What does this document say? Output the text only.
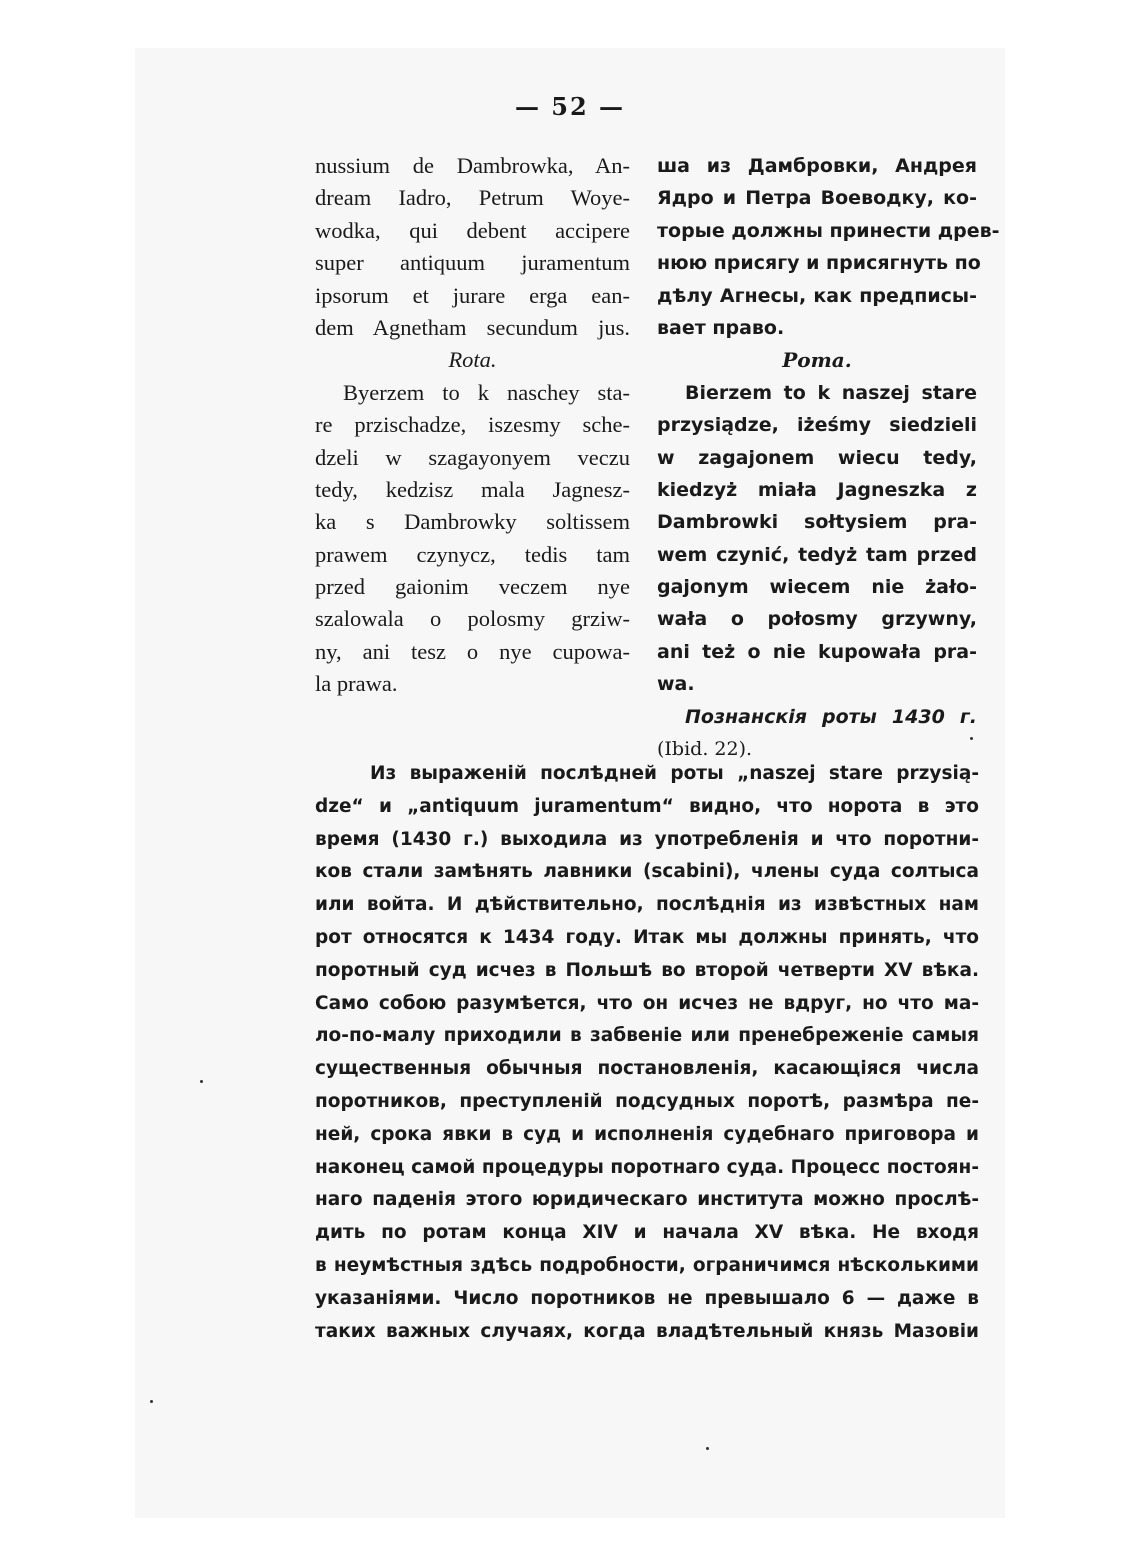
— 52 —
nussium de Dambrowka, An-
dream Iadro, Petrum Woye-
wodka, qui debent accipere
super antiquum juramentum
ipsorum et jurare erga ean-
dem Agnetham secundum jus.
Rota.
Byerzem to k naschey sta-
re przischadze, iszesmy sche-
dzeli w szagayonyem veczu
tedy, kedzisz mala Jagnesz-
ka s Dambrowky soltissem
prawem czynycz, tedis tam
przed gaionim veczem nye
szalowala o polosmy grziw-
ny, ani tesz o nye cupowa-
la prawa.
ша из Дамбровки, Андрея
Ядро и Петра Воеводку, ко-
торые должны принести древ-
нюю присягу и присягнуть по
дѣлу Агнесы, как предписы-
вает право.
Рота.
Bierzem to k naszej stare
przysiądze, iżeśmy siedzieli
w zagajonem wiecu tedy,
kiedzyż miała Jagneszka z
Dambrowki sołtysiem pra-
wem czynić, tedyż tam przed
gajonym wiecem nie żało-
wała o połosmy grzywny,
ani też o nie kupowała pra-
wa.
Познанскія роты 1430 г.
(Ibid. 22).
Из выраженій послѣдней роты „naszej stare przysią-
dze“ и „antiquum juramentum“ видно, что норота в это
время (1430 г.) выходила из употребленія и что поротни-
ков стали замѣнять лавники (scabini), члены суда солтыса
или войта. И дѣйствительно, послѣднія из извѣстных нам
рот относятся к 1434 году. Итак мы должны принять, что
поротный суд исчез в Польшѣ во второй четверти XV вѣка.
Само собою разумѣется, что он исчез не вдруг, но что ма-
ло-по-малу приходили в забвеніе или пренебреженіе самыя
существенныя обычныя постановленія, касающіяся числа
поротников, преступленій подсудных поротѣ, размѣра пе-
ней, срока явки в суд и исполненія судебнаго приговора и
наконец самой процедуры поротнаго суда. Процесс постоян-
наго паденія этого юридическаго института можно прослѣ-
дить по ротам конца XIV и начала XV вѣка. Не входя
в неумѣстныя здѣсь подробности, ограничимся нѣсколькими
указаніями. Число поротников не превышало 6 — даже в
таких важных случаях, когда владѣтельный князь Мазовіи
